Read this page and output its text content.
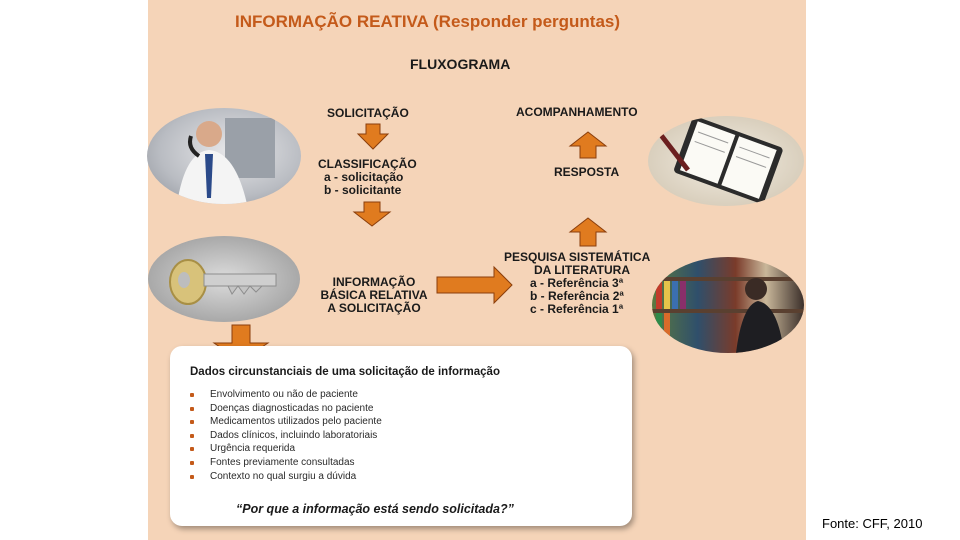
INFORMAÇÃO REATIVA (Responder perguntas)
FLUXOGRAMA
SOLICITAÇÃO
CLASSIFICAÇÃO
a - solicitação
b - solicitante
INFORMAÇÃO
BÁSICA RELATIVA
A SOLICITAÇÃO
PESQUISA SISTEMÁTICA
DA LITERATURA
a - Referência 3ª
b - Referência 2ª
c - Referência 1ª
RESPOSTA
ACOMPANHAMENTO
Dados circunstanciais de uma solicitação de informação
Envolvimento ou não de paciente
Doenças diagnosticadas no paciente
Medicamentos utilizados pelo paciente
Dados clínicos, incluindo laboratoriais
Urgência requerida
Fontes previamente consultadas
Contexto no qual surgiu a dúvida
“Por que a informação está sendo solicitada?”
Fonte: CFF, 2010
